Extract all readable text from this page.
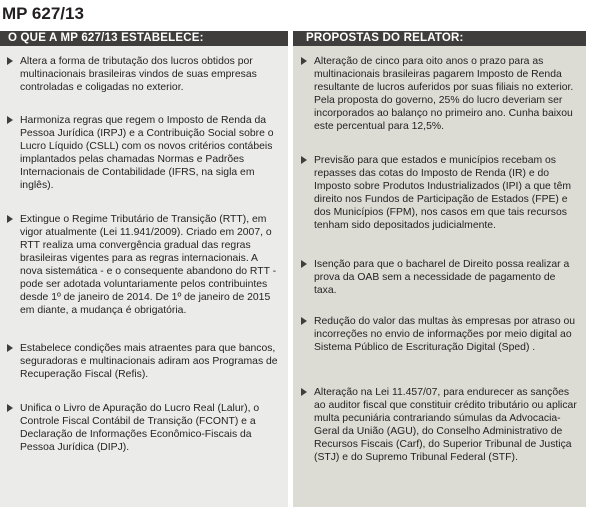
MP 627/13
O QUE A MP 627/13 ESTABELECE:
Altera a forma de tributação dos lucros obtidos por multinacionais brasileiras vindos de suas empresas controladas e coligadas no exterior.
Harmoniza regras que regem o Imposto de Renda da Pessoa Jurídica (IRPJ) e a Contribuição Social sobre o Lucro Líquido (CSLL) com os novos critérios contábeis implantados pelas chamadas Normas e Padrões Internacionais de Contabilidade (IFRS, na sigla em inglês).
Extingue o Regime Tributário de Transição (RTT), em vigor atualmente (Lei 11.941/2009). Criado em 2007, o RTT realiza uma convergência gradual das regras brasileiras vigentes para as regras internacionais. A nova sistemática - e o consequente abandono do RTT - pode ser adotada voluntariamente pelos contribuintes desde 1º de janeiro de 2014. De 1º de janeiro de 2015 em diante, a mudança é obrigatória.
Estabelece condições mais atraentes para que bancos, seguradoras e multinacionais adiram aos Programas de Recuperação Fiscal (Refis).
Unifica o Livro de Apuração do Lucro Real (Lalur), o Controle Fiscal Contábil de Transição (FCONT) e a Declaração de Informações Econômico-Fiscais da Pessoa Jurídica (DIPJ).
PROPOSTAS DO RELATOR:
Alteração de cinco para oito anos o prazo para as multinacionais brasileiras pagarem Imposto de Renda resultante de lucros auferidos por suas filiais no exterior. Pela proposta do governo, 25% do lucro deveriam ser incorporados ao balanço no primeiro ano. Cunha baixou este percentual para 12,5%.
Previsão para que estados e municípios recebam os repasses das cotas do Imposto de Renda (IR) e do Imposto sobre Produtos Industrializados (IPI) a que têm direito nos Fundos de Participação de Estados (FPE) e dos Municípios (FPM), nos casos em que tais recursos tenham sido depositados judicialmente.
Isenção para que o bacharel de Direito possa realizar a prova da OAB sem a necessidade de pagamento de taxa.
Redução do valor das multas às empresas por atraso ou incorreções no envio de informações por meio digital ao Sistema Público de Escrituração Digital (Sped) .
Alteração na Lei 11.457/07, para endurecer as sanções ao auditor fiscal que constituir crédito tributário ou aplicar multa pecuniária contrariando súmulas da Advocacia-Geral da União (AGU), do Conselho Administrativo de Recursos Fiscais (Carf), do Superior Tribunal de Justiça (STJ) e do Supremo Tribunal Federal (STF).
